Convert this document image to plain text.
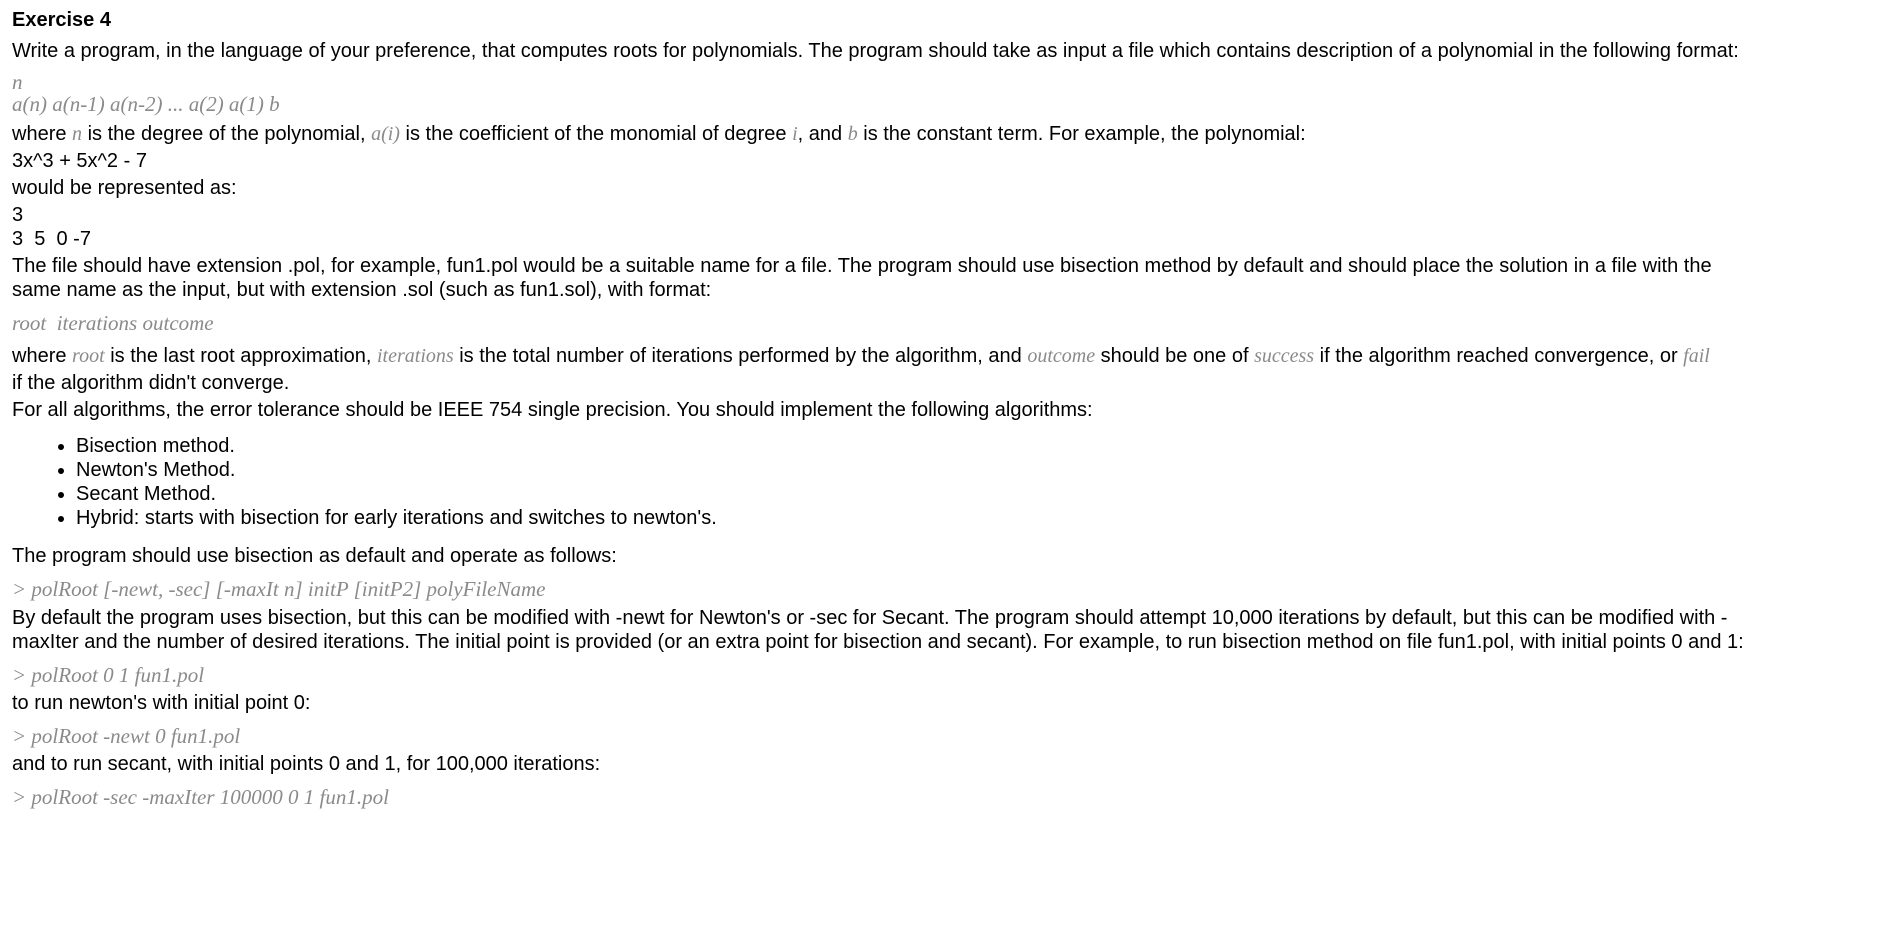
Exercise 4

Write a program, in the language of your preference, that computes roots for polynomials. The program should take as input a file which contains description of a polynomial in the following format:

n
a(n) a(n-1) a(n-2) ... a(2) a(1) b

where n is the degree of the polynomial, a(i) is the coefficient of the monomial of degree i, and b is the constant term. For example, the polynomial:

3x^3 + 5x^2 - 7

would be represented as:

3

3  5  0 -7

The file should have extension .pol, for example, fun1.pol would be a suitable name for a file. The program should use bisection method by default and should place the solution in a file with the

same name as the input, but with extension .sol (such as fun1.sol), with format:

root  iterations outcome

where root is the last root approximation, iterations is the total number of iterations performed by the algorithm, and outcome should be one of success if the algorithm reached convergence, or fail

if the algorithm didn't converge.

For all algorithms, the error tolerance should be IEEE 754 single precision. You should implement the following algorithms:

• Bisection method.
• Newton's Method.
• Secant Method.
• Hybrid: starts with bisection for early iterations and switches to newton's.

The program should use bisection as default and operate as follows:

> polRoot [-newt, -sec] [-maxIt n] initP [initP2] polyFileName

By default the program uses bisection, but this can be modified with -newt for Newton's or -sec for Secant. The program should attempt 10,000 iterations by default, but this can be modified with -

maxIter and the number of desired iterations. The initial point is provided (or an extra point for bisection and secant). For example, to run bisection method on file fun1.pol, with initial points 0 and 1:

> polRoot 0 1 fun1.pol

to run newton's with initial point 0:

> polRoot -newt 0 fun1.pol

and to run secant, with initial points 0 and 1, for 100,000 iterations:

> polRoot -sec -maxIter 100000 0 1 fun1.pol
